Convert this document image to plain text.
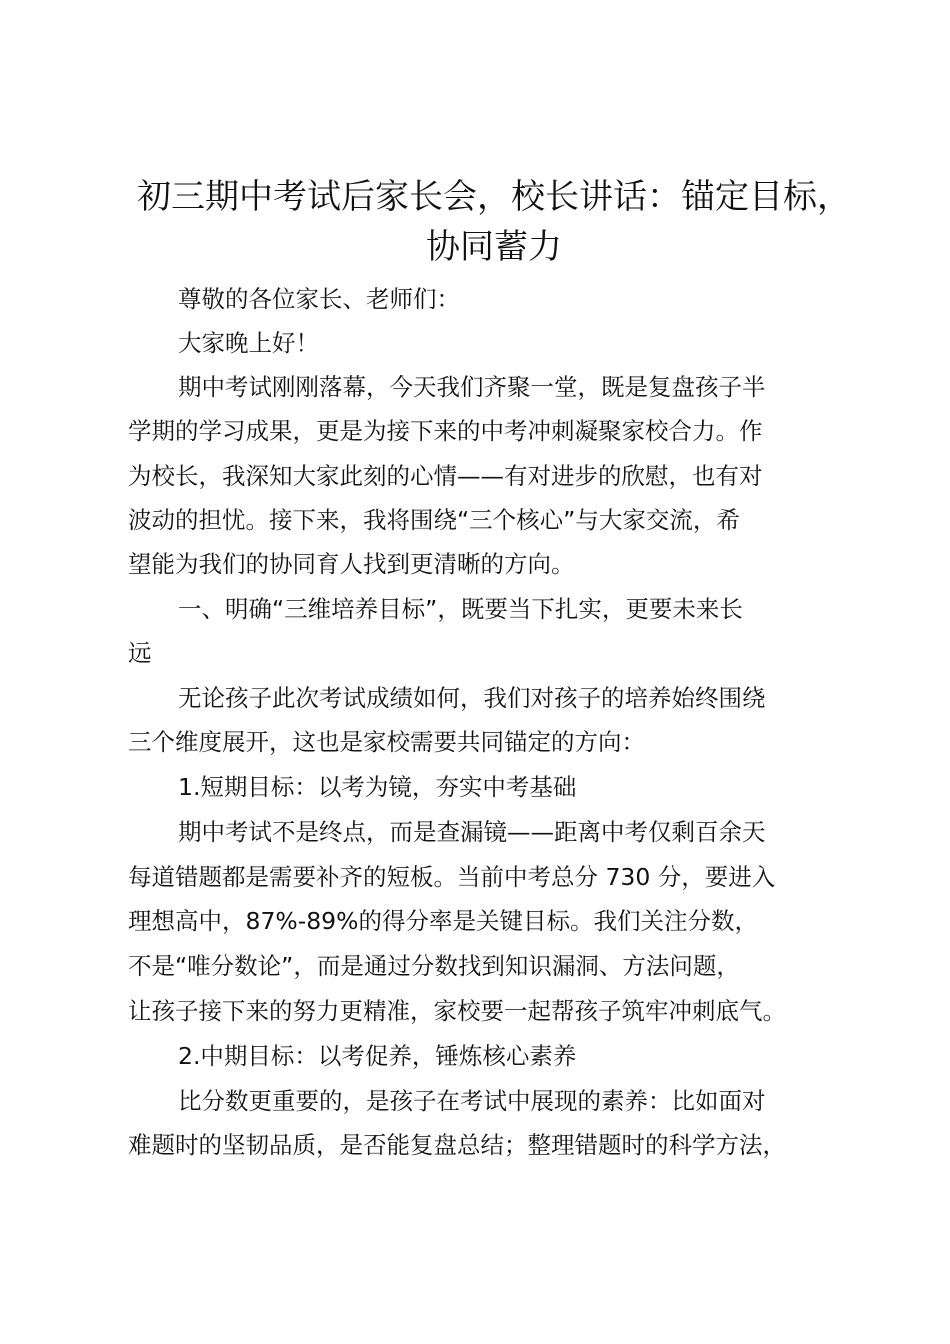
初三期中考试后家长会，校长讲话：锚定目标，
协同蓄力
尊敬的各位家长、老师们：
大家晚上好！
期中考试刚刚落幕，今天我们齐聚一堂，既是复盘孩子半
学期的学习成果，更是为接下来的中考冲刺凝聚家校合力。作
为校长，我深知大家此刻的心情——有对进步的欣慰，也有对
波动的担忧。接下来，我将围绕“三个核心”与大家交流，希
望能为我们的协同育人找到更清晰的方向。
一、明确“三维培养目标”，既要当下扎实，更要未来长
远
无论孩子此次考试成绩如何，我们对孩子的培养始终围绕
三个维度展开，这也是家校需要共同锚定的方向：
1.短期目标：以考为镜，夯实中考基础
期中考试不是终点，而是查漏镜——距离中考仅剩百余天
每道错题都是需要补齐的短板。当前中考总分 730 分，要进入
理想高中，87%-89%的得分率是关键目标。我们关注分数，
不是“唯分数论”，而是通过分数找到知识漏洞、方法问题，
让孩子接下来的努力更精准，家校要一起帮孩子筑牢冲刺底气。
2.中期目标：以考促养，锤炼核心素养
比分数更重要的，是孩子在考试中展现的素养：比如面对
难题时的坚韧品质，是否能复盘总结；整理错题时的科学方法，
